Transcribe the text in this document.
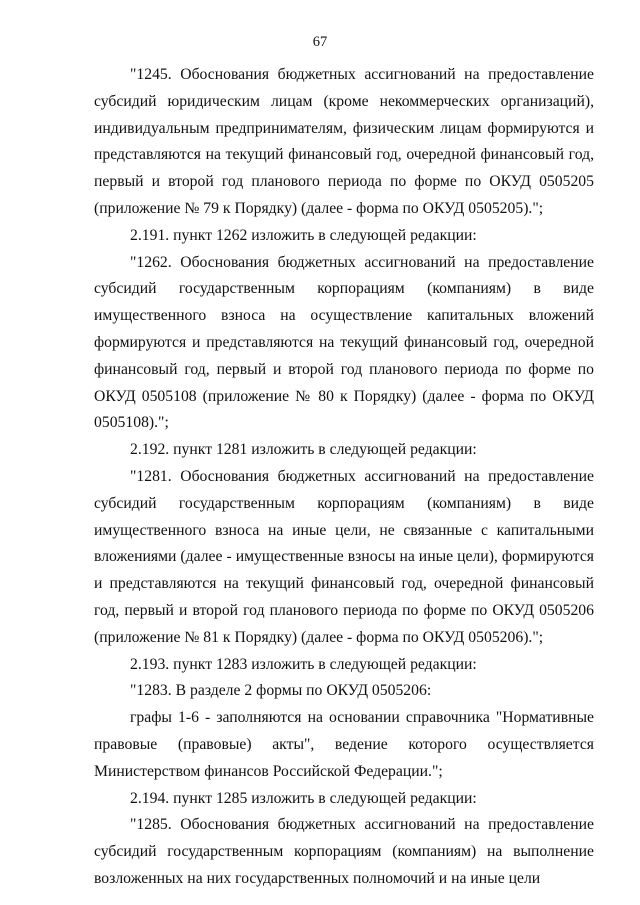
67

"1245. Обоснования бюджетных ассигнований на предоставление субсидий юридическим лицам (кроме некоммерческих организаций), индивидуальным предпринимателям, физическим лицам формируются и представляются на текущий финансовый год, очередной финансовый год, первый и второй год планового периода по форме по ОКУД 0505205 (приложение № 79 к Порядку) (далее - форма по ОКУД 0505205).";

2.191. пункт 1262 изложить в следующей редакции:

"1262. Обоснования бюджетных ассигнований на предоставление субсидий государственным корпорациям (компаниям) в виде имущественного взноса на осуществление капитальных вложений формируются и представляются на текущий финансовый год, очередной финансовый год, первый и второй год планового периода по форме по ОКУД 0505108 (приложение № 80 к Порядку) (далее - форма по ОКУД 0505108).";

2.192. пункт 1281 изложить в следующей редакции:

"1281. Обоснования бюджетных ассигнований на предоставление субсидий государственным корпорациям (компаниям) в виде имущественного взноса на иные цели, не связанные с капитальными вложениями (далее - имущественные взносы на иные цели), формируются и представляются на текущий финансовый год, очередной финансовый год, первый и второй год планового периода по форме по ОКУД 0505206 (приложение № 81 к Порядку) (далее - форма по ОКУД 0505206).";

2.193. пункт 1283 изложить в следующей редакции:

"1283. В разделе 2 формы по ОКУД 0505206:

графы 1-6 - заполняются на основании справочника "Нормативные правовые (правовые) акты", ведение которого осуществляется Министерством финансов Российской Федерации.";

2.194. пункт 1285 изложить в следующей редакции:

"1285. Обоснования бюджетных ассигнований на предоставление субсидий государственным корпорациям (компаниям) на выполнение возложенных на них государственных полномочий и на иные цели
